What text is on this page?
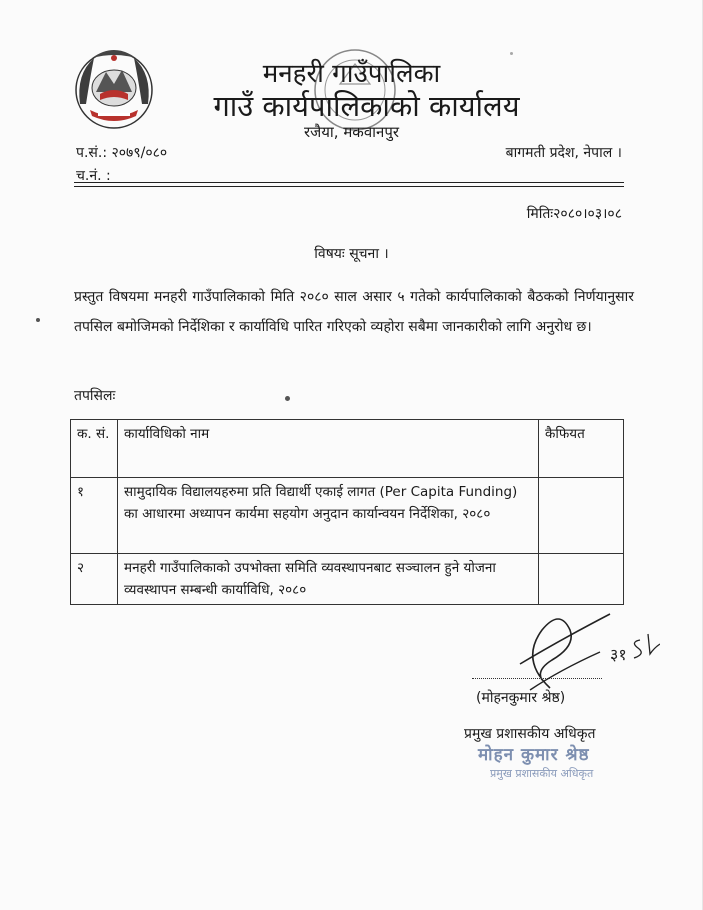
मनहरी गाउँपालिका
गाउँ कार्यपालिकाको कार्यालय
रजैया, मकवानपुर
प.सं.: २०७९/०८०
च.नं. :
बागमती प्रदेश, नेपाल ।
मितिः२०८०।०३।०८
विषयः सूचना ।
प्रस्तुत विषयमा मनहरी गाउँपालिकाको मिति २०८० साल असार ५ गतेको कार्यपालिकाको बैठकको निर्णयानुसार तपसिल बमोजिमको निर्देशिका र कार्याविधि पारित गरिएको व्यहोरा सबैमा जानकारीको लागि अनुरोध छ।
तपसिलः
क. सं.	कार्याविधिको नाम	कैफियत
१	सामुदायिक विद्यालयहरुमा प्रति विद्यार्थी एकाई लागत (Per Capita Funding) का आधारमा अध्यापन कार्यमा सहयोग अनुदान कार्यान्वयन निर्देशिका, २०८०	
२	मनहरी गाउँपालिकाको उपभोक्ता समिति व्यवस्थापनबाट सञ्चालन हुने योजना व्यवस्थापन सम्बन्धी कार्याविधि, २०८०	
३१
(मोहनकुमार श्रेष्ठ)
प्रमुख प्रशासकीय अधिकृत
मोहन कुमार श्रेष्ठ
प्रमुख प्रशासकीय अधिकृत
